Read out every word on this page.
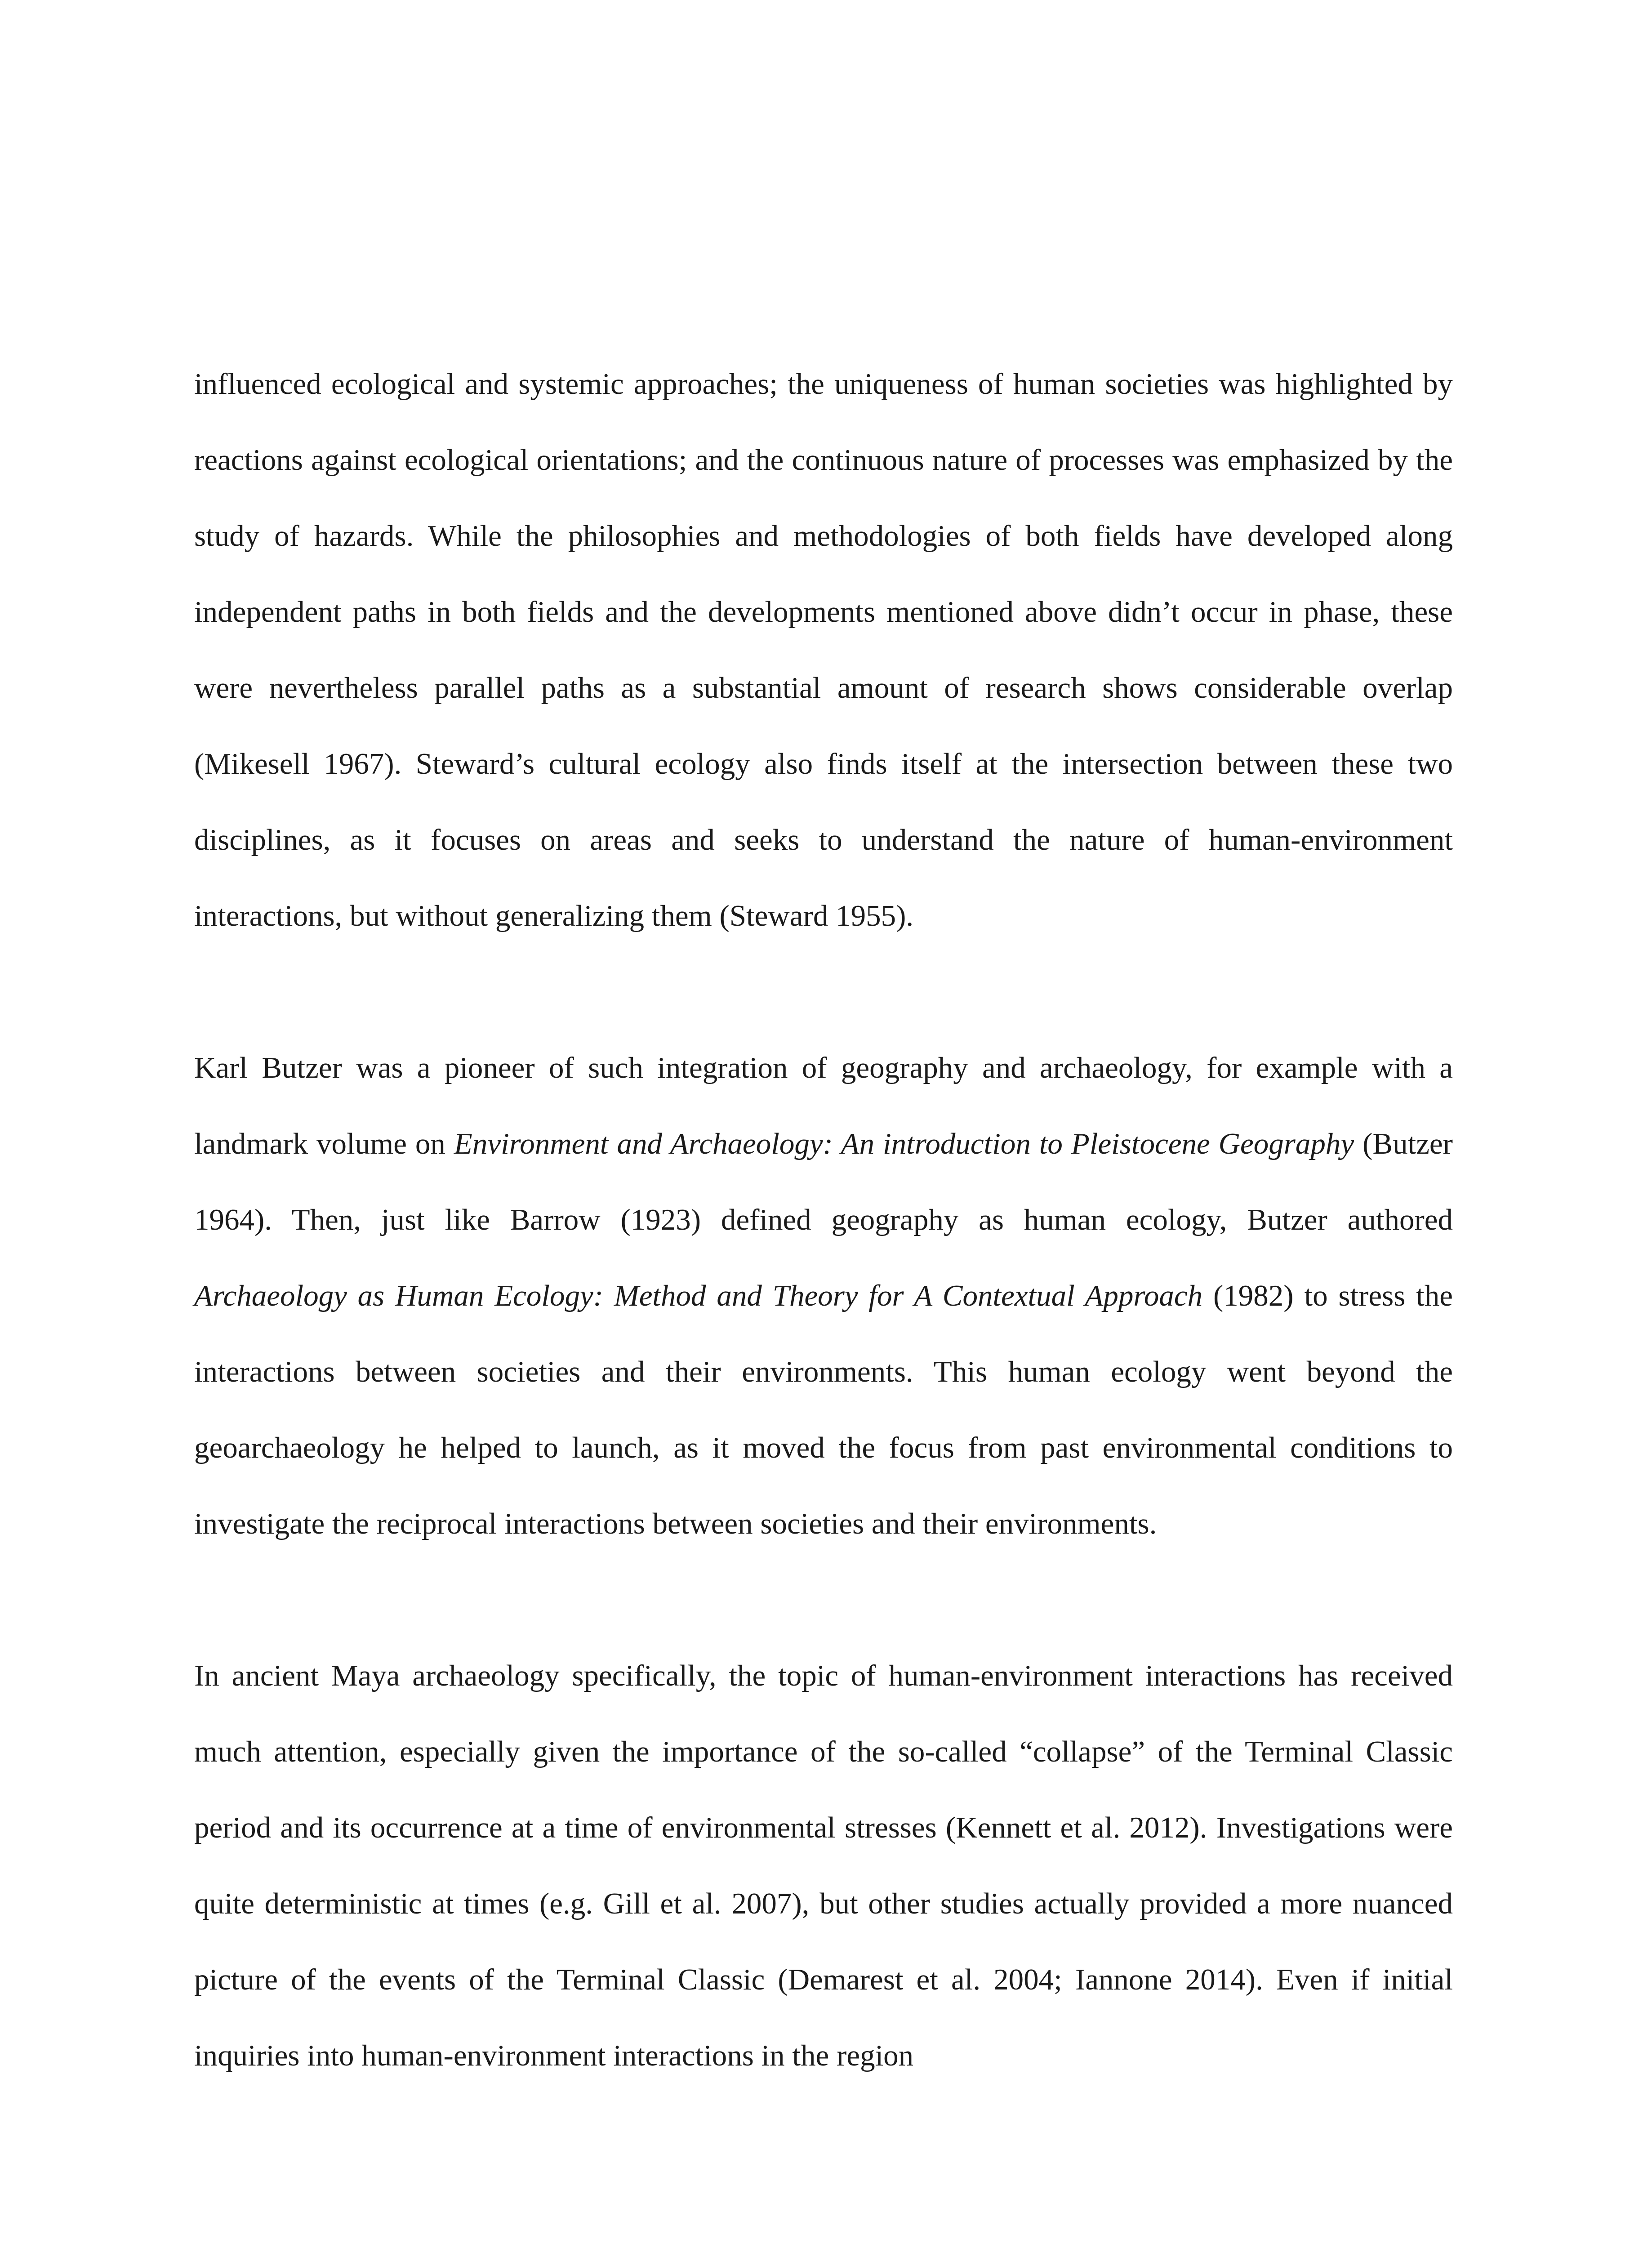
influenced ecological and systemic approaches; the uniqueness of human societies was highlighted by reactions against ecological orientations; and the continuous nature of processes was emphasized by the study of hazards. While the philosophies and methodologies of both fields have developed along independent paths in both fields and the developments mentioned above didn’t occur in phase, these were nevertheless parallel paths as a substantial amount of research shows considerable overlap (Mikesell 1967). Steward’s cultural ecology also finds itself at the intersection between these two disciplines, as it focuses on areas and seeks to understand the nature of human-environment interactions, but without generalizing them (Steward 1955).

Karl Butzer was a pioneer of such integration of geography and archaeology, for example with a landmark volume on Environment and Archaeology: An introduction to Pleistocene Geography (Butzer 1964). Then, just like Barrow (1923) defined geography as human ecology, Butzer authored Archaeology as Human Ecology: Method and Theory for A Contextual Approach (1982) to stress the interactions between societies and their environments. This human ecology went beyond the geoarchaeology he helped to launch, as it moved the focus from past environmental conditions to investigate the reciprocal interactions between societies and their environments.

In ancient Maya archaeology specifically, the topic of human-environment interactions has received much attention, especially given the importance of the so-called “collapse” of the Terminal Classic period and its occurrence at a time of environmental stresses (Kennett et al. 2012). Investigations were quite deterministic at times (e.g. Gill et al. 2007), but other studies actually provided a more nuanced picture of the events of the Terminal Classic (Demarest et al. 2004; Iannone 2014). Even if initial inquiries into human-environment interactions in the region
